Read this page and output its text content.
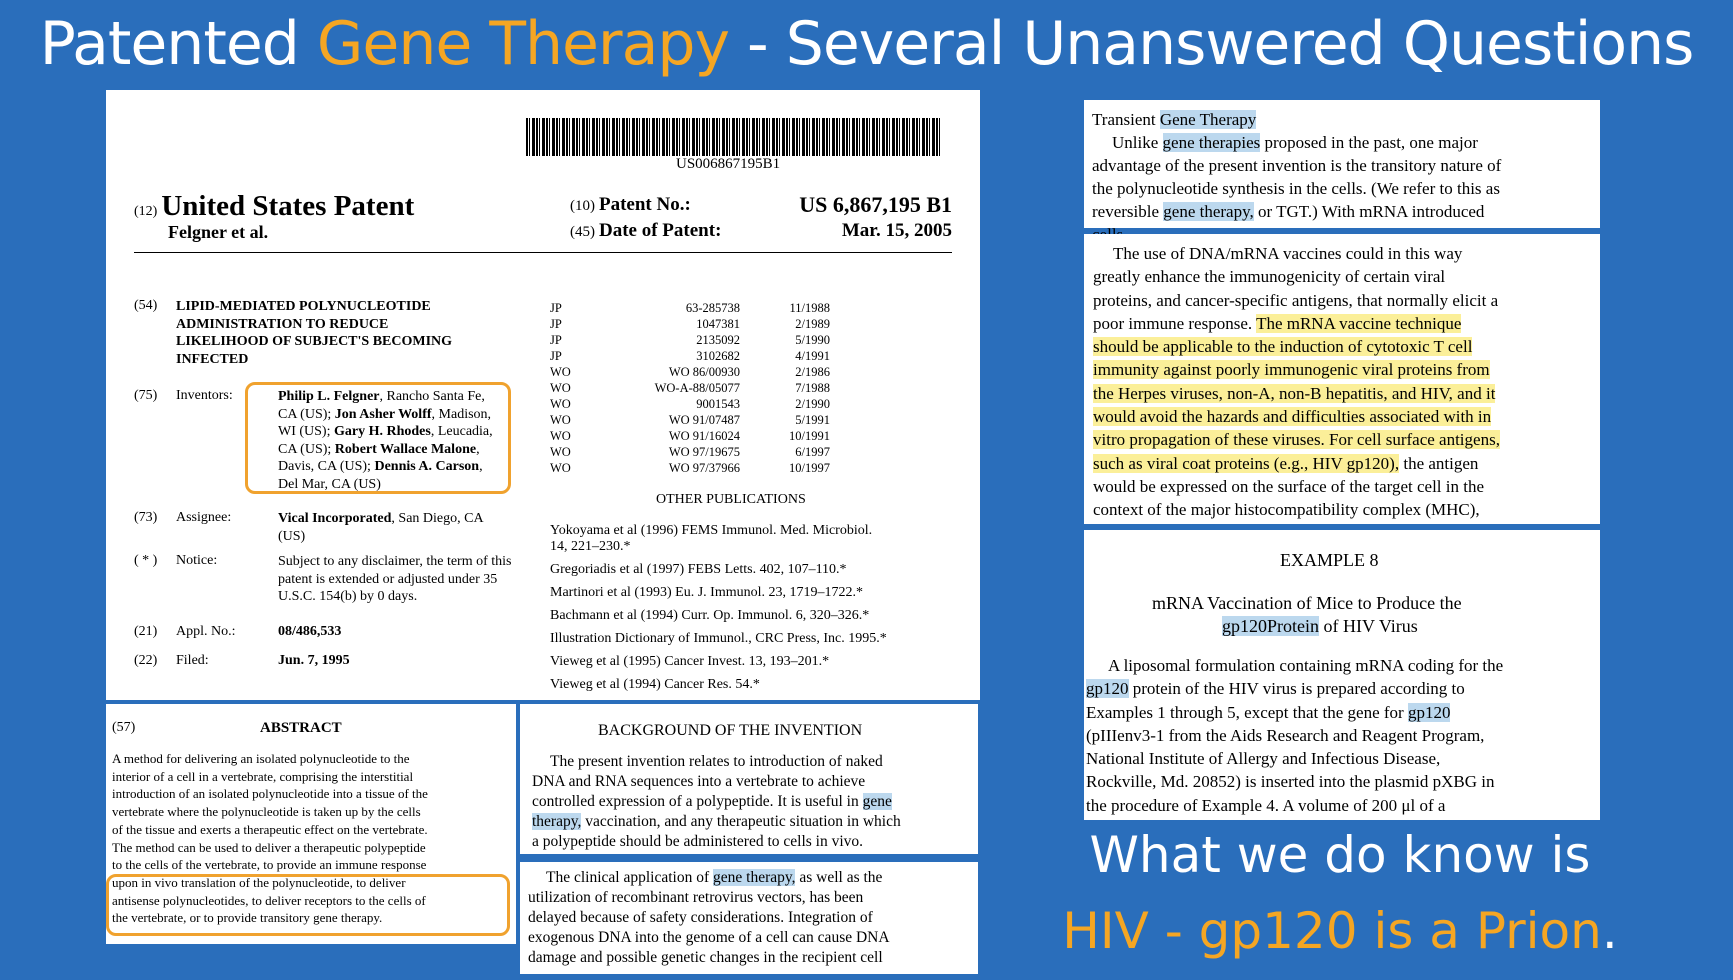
Patented Gene Therapy - Several Unanswered Questions
US006867195B1
(12) United States Patent
Felgner et al.
(10) Patent No.:	US 6,867,195 B1
(45) Date of Patent:	Mar. 15, 2005
(54) LIPID-MEDIATED POLYNUCLEOTIDE
ADMINISTRATION TO REDUCE
LIKELIHOOD OF SUBJECT'S BECOMING
INFECTED
(75) Inventors:	Philip L. Felgner, Rancho Santa Fe,
CA (US); Jon Asher Wolff, Madison,
WI (US); Gary H. Rhodes, Leucadia,
CA (US); Robert Wallace Malone,
Davis, CA (US); Dennis A. Carson,
Del Mar, CA (US)
(73) Assignee:	Vical Incorporated, San Diego, CA
(US)
( * ) Notice:	Subject to any disclaimer, the term of this
patent is extended or adjusted under 35
U.S.C. 154(b) by 0 days.
(21) Appl. No.:	08/486,533
(22) Filed:	Jun. 7, 1995
JP	63-285738	11/1988
JP	1047381	2/1989
JP	2135092	5/1990
JP	3102682	4/1991
WO	WO 86/00930	2/1986
WO	WO-A-88/05077	7/1988
WO	9001543	2/1990
WO	WO 91/07487	5/1991
WO	WO 91/16024	10/1991
WO	WO 97/19675	6/1997
WO	WO 97/37966	10/1997
OTHER PUBLICATIONS
Yokoyama et al (1996) FEMS Immunol. Med. Microbiol.
14, 221–230.*
Gregoriadis et al (1997) FEBS Letts. 402, 107–110.*
Martinori et al (1993) Eu. J. Immunol. 23, 1719–1722.*
Bachmann et al (1994) Curr. Op. Immunol. 6, 320–326.*
Illustration Dictionary of Immunol., CRC Press, Inc. 1995.*
Vieweg et al (1995) Cancer Invest. 13, 193–201.*
Vieweg et al (1994) Cancer Res. 54.*
(57)	ABSTRACT
A method for delivering an isolated polynucleotide to the
interior of a cell in a vertebrate, comprising the interstitial
introduction of an isolated polynucleotide into a tissue of the
vertebrate where the polynucleotide is taken up by the cells
of the tissue and exerts a therapeutic effect on the vertebrate.
The method can be used to deliver a therapeutic polypeptide
to the cells of the vertebrate, to provide an immune response
upon in vivo translation of the polynucleotide, to deliver
antisense polynucleotides, to deliver receptors to the cells of
the vertebrate, or to provide transitory gene therapy.
BACKGROUND OF THE INVENTION
The present invention relates to introduction of naked
DNA and RNA sequences into a vertebrate to achieve
controlled expression of a polypeptide. It is useful in gene
therapy, vaccination, and any therapeutic situation in which
a polypeptide should be administered to cells in vivo.
The clinical application of gene therapy, as well as the
utilization of recombinant retrovirus vectors, has been
delayed because of safety considerations. Integration of
exogenous DNA into the genome of a cell can cause DNA
damage and possible genetic changes in the recipient cell
Transient Gene Therapy
Unlike gene therapies proposed in the past, one major
advantage of the present invention is the transitory nature of
the polynucleotide synthesis in the cells. (We refer to this as
reversible gene therapy, or TGT.) With mRNA introduced
The use of DNA/mRNA vaccines could in this way
greatly enhance the immunogenicity of certain viral
proteins, and cancer-specific antigens, that normally elicit a
poor immune response. The mRNA vaccine technique
should be applicable to the induction of cytotoxic T cell
immunity against poorly immunogenic viral proteins from
the Herpes viruses, non-A, non-B hepatitis, and HIV, and it
would avoid the hazards and difficulties associated with in
vitro propagation of these viruses. For cell surface antigens,
such as viral coat proteins (e.g., HIV gp120), the antigen
would be expressed on the surface of the target cell in the
context of the major histocompatibility complex (MHC),
EXAMPLE 8
mRNA Vaccination of Mice to Produce the
gp120Protein of HIV Virus
A liposomal formulation containing mRNA coding for the
gp120 protein of the HIV virus is prepared according to
Examples 1 through 5, except that the gene for gp120
(pIIIenv3-1 from the Aids Research and Reagent Program,
National Institute of Allergy and Infectious Disease,
Rockville, Md. 20852) is inserted into the plasmid pXBG in
the procedure of Example 4. A volume of 200 μl of a
What we do know is
HIV - gp120 is a Prion.
